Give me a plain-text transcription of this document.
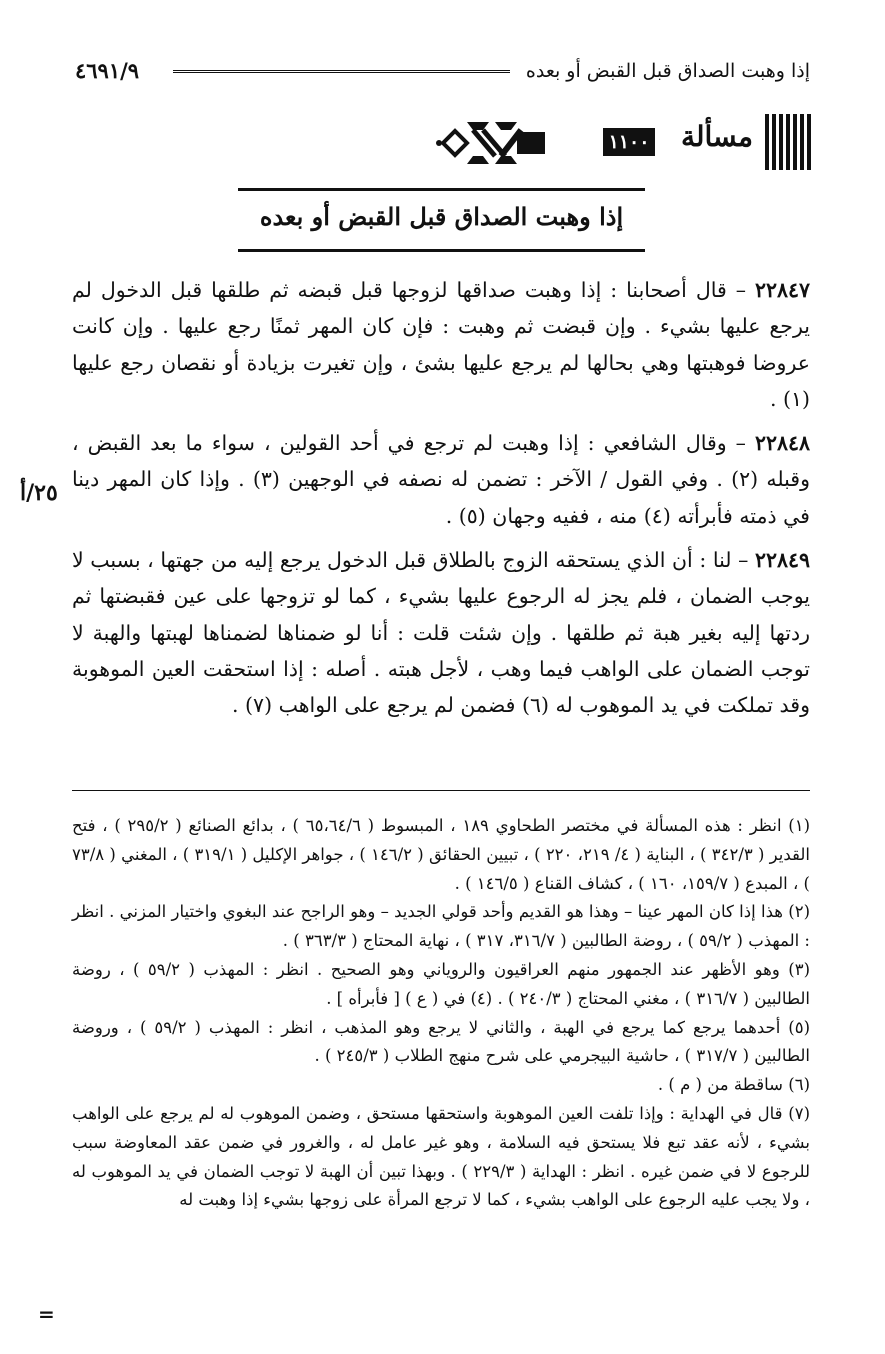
إذا وهبت الصداق قبل القبض أو بعده
٤٦٩١/٩
مسألة
١١٠٠
إذا وهبت الصداق قبل القبض أو بعده
٢٥/أ

٢٢٨٤٧ – قال أصحابنا : إذا وهبت صداقها لزوجها قبل قبضه ثم طلقها قبل الدخول لم يرجع عليها بشيء . وإن قبضت ثم وهبت : فإن كان المهر ثمنًا رجع عليها . وإن كانت عروضا فوهبتها وهي بحالها لم يرجع عليها بشئ ، وإن تغيرت بزيادة أو نقصان رجع عليها (١) .

٢٢٨٤٨ – وقال الشافعي : إذا وهبت لم ترجع في أحد القولين ، سواء ما بعد القبض ، وقبله (٢) . وفي القول / الآخر : تضمن له نصفه في الوجهين (٣) . وإذا كان المهر دينا في ذمته فأبرأته (٤) منه ، ففيه وجهان (٥) .

٢٢٨٤٩ – لنا : أن الذي يستحقه الزوج بالطلاق قبل الدخول يرجع إليه من جهتها ، بسبب لا يوجب الضمان ، فلم يجز له الرجوع عليها بشيء ، كما لو تزوجها على عين فقبضتها ثم ردتها إليه بغير هبة ثم طلقها . وإن شئت قلت : أنا لو ضمناها لضمناها لهبتها والهبة لا توجب الضمان على الواهب فيما وهب ، لأجل هبته . أصله : إذا استحقت العين الموهوبة وقد تملكت في يد الموهوب له (٦) فضمن لم يرجع على الواهب (٧) .

(١) انظر : هذه المسألة في مختصر الطحاوي ١٨٩ ، المبسوط ( ٦٥،٦٤/٦ ) ، بدائع الصنائع ( ٢٩٥/٢ ) ، فتح القدير ( ٣٤٢/٣ ) ، البناية ( ٤/ ٢١٩، ٢٢٠ ) ، تبيين الحقائق ( ١٤٦/٢ ) ، جواهر الإكليل ( ٣١٩/١ ) ، المغني ( ٧٣/٨ ) ، المبدع ( ١٥٩/٧، ١٦٠ ) ، كشاف القناع ( ١٤٦/٥ ) .

(٢) هذا إذا كان المهر عينا – وهذا هو القديم وأحد قولي الجديد – وهو الراجح عند البغوي واختيار المزني . انظر : المهذب ( ٥٩/٢ ) ، روضة الطالبين ( ٣١٦/٧، ٣١٧ ) ، نهاية المحتاج ( ٣٦٣/٣ ) .

(٣) وهو الأظهر عند الجمهور منهم العراقيون والروياني وهو الصحيح . انظر : المهذب ( ٥٩/٢ ) ، روضة الطالبين ( ٣١٦/٧ ) ، مغني المحتاج ( ٢٤٠/٣ ) . (٤) في ( ع ) [ فأبرأه ] .

(٥) أحدهما يرجع كما يرجع في الهبة ، والثاني لا يرجع وهو المذهب ، انظر : المهذب ( ٥٩/٢ ) ، وروضة الطالبين ( ٣١٧/٧ ) ، حاشية البيجرمي على شرح منهج الطلاب ( ٢٤٥/٣ ) .

(٦) ساقطة من ( م ) .

(٧) قال في الهداية : وإذا تلفت العين الموهوبة واستحقها مستحق ، وضمن الموهوب له لم يرجع على الواهب بشيء ، لأنه عقد تبع فلا يستحق فيه السلامة ، وهو غير عامل له ، والغرور في ضمن عقد المعاوضة سبب للرجوع لا في ضمن غيره . انظر : الهداية ( ٢٢٩/٣ ) . وبهذا تبين أن الهبة لا توجب الضمان في يد الموهوب له ، ولا يجب عليه الرجوع على الواهب بشيء ، كما لا ترجع المرأة على زوجها بشيء إذا وهبت له

=
